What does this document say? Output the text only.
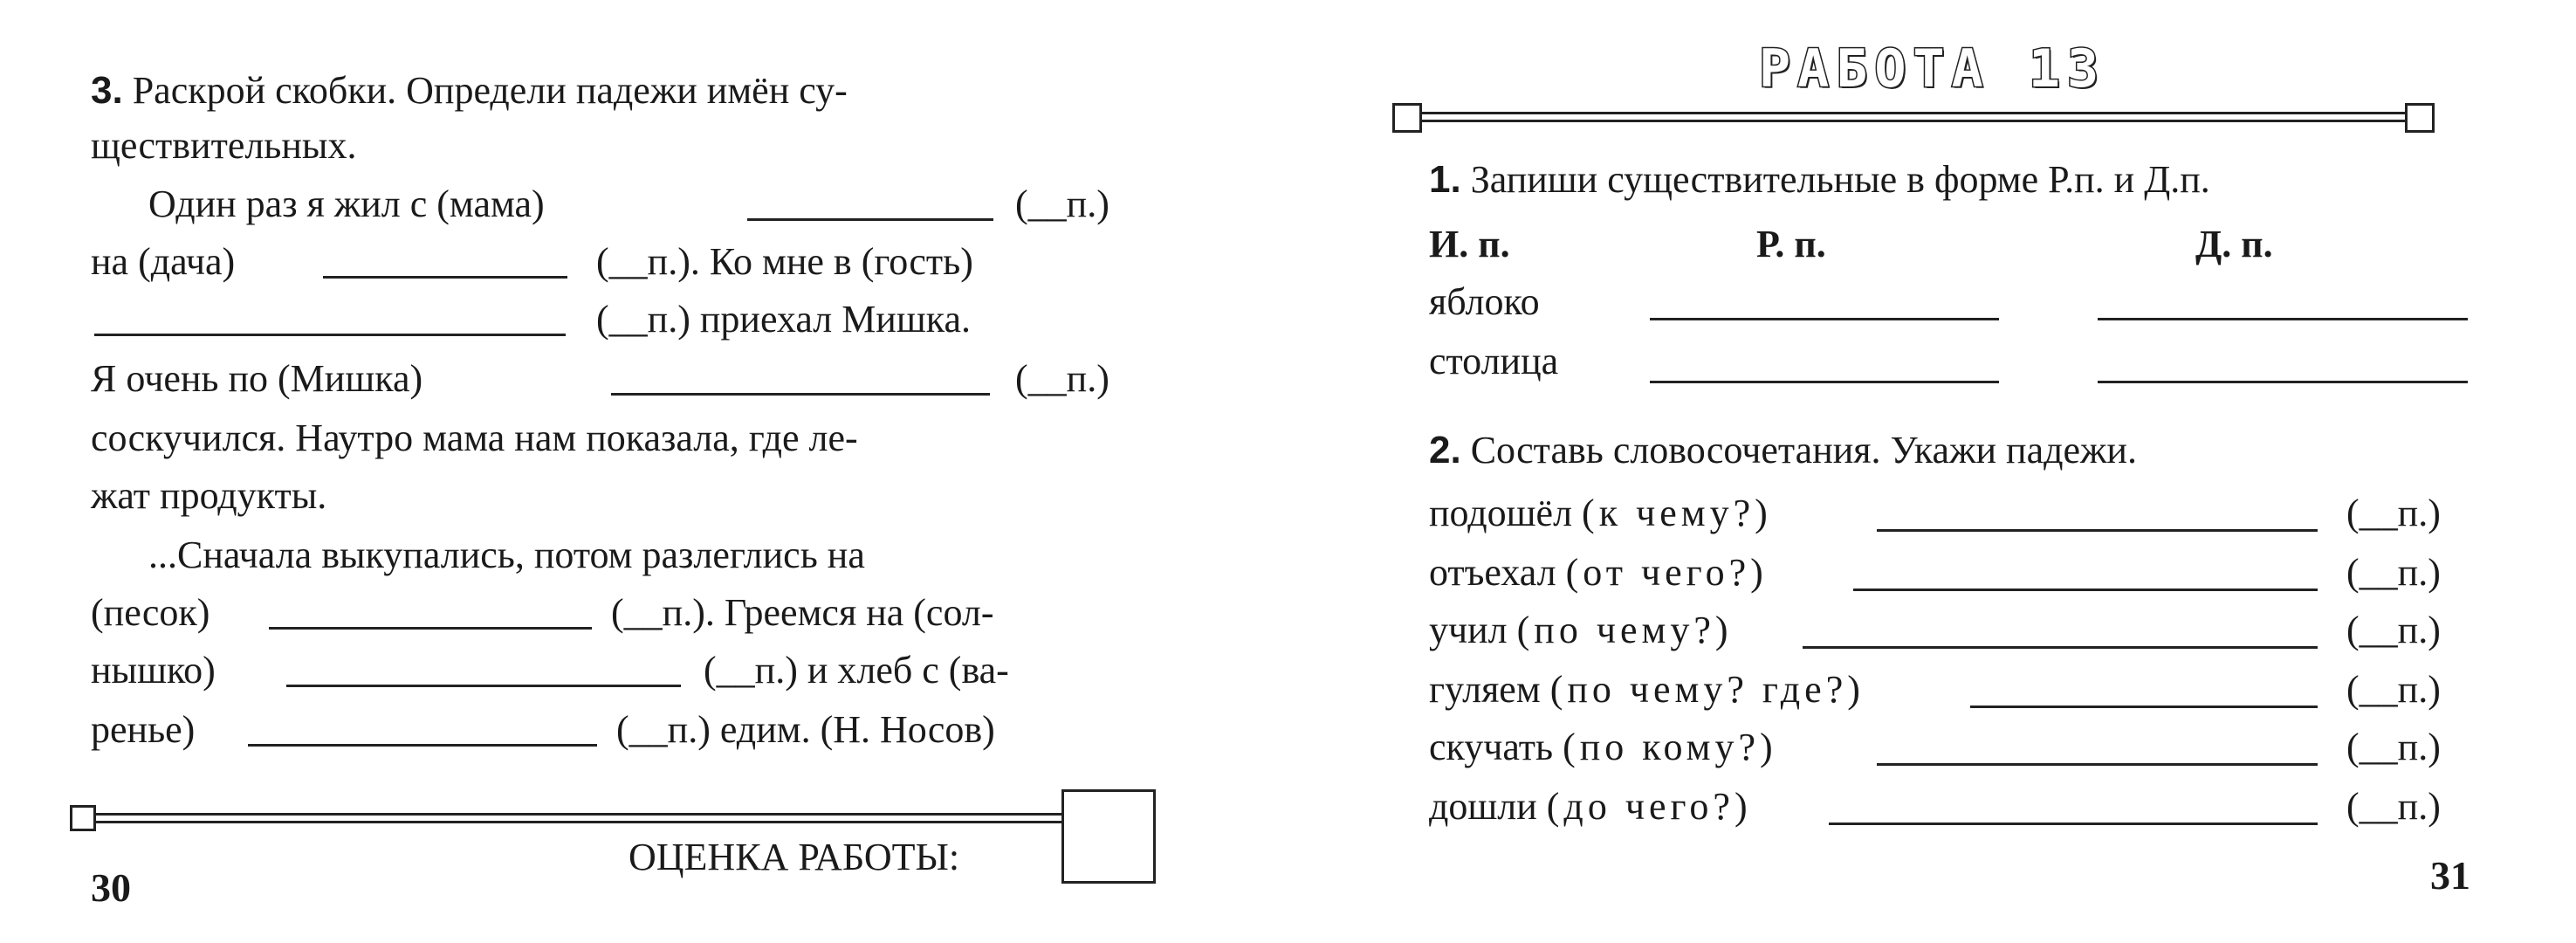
3. Раскрой скобки. Определи падежи имён су-
ществительных.
Один раз я жил с (мама)	(__п.)
на (дача)	(__п.). Ко мне в (гость)
(__п.) приехал Мишка.
Я очень по (Мишка)	(__п.)
соскучился. Наутро мама нам показала, где ле-
жат продукты.
...Сначала выкупались, потом разлеглись на
(песок)	(__п.). Греемся на (сол-
нышко)	(__п.) и хлеб с (ва-
ренье)	(__п.) едим. (Н. Носов)
ОЦЕНКА РАБОТЫ:
30
РАБОТА 13
1. Запиши существительные в форме Р.п. и Д.п.
И. п.	Р. п.	Д. п.
яблоко
столица
2. Составь словосочетания. Укажи падежи.
подошёл (к чему?)	(__п.)
отъехал (от чего?)	(__п.)
учил (по чему?)	(__п.)
гуляем (по чему? где?)	(__п.)
скучать (по кому?)	(__п.)
дошли (до чего?)	(__п.)
31
